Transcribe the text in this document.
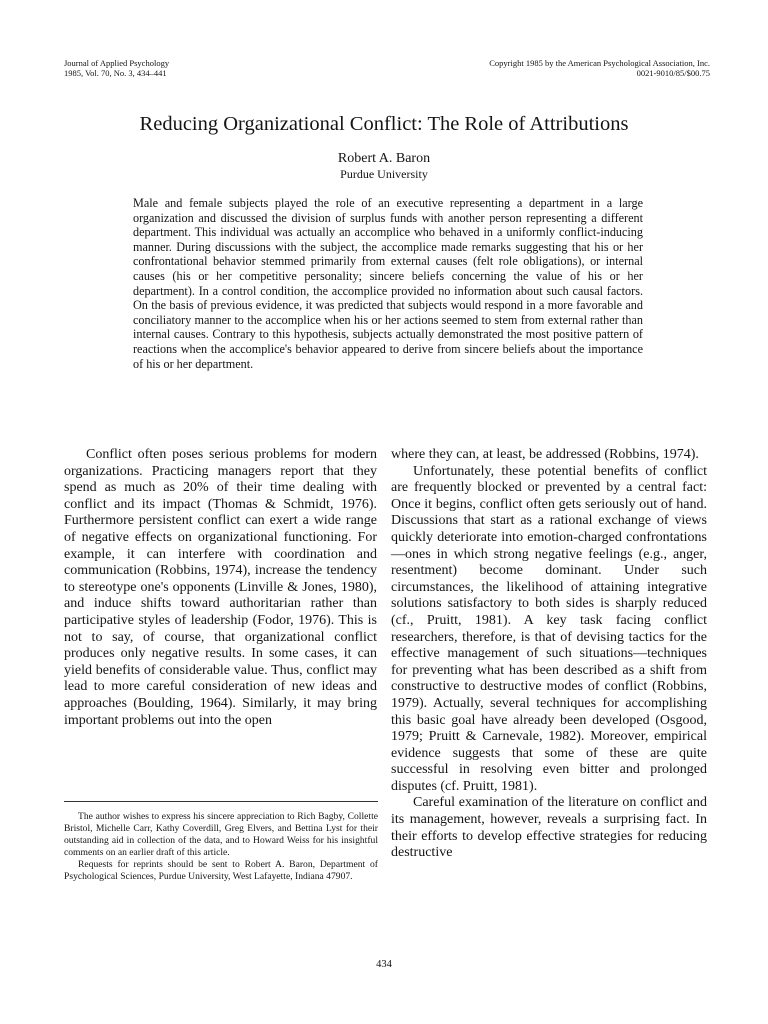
Journal of Applied Psychology
1985, Vol. 70, No. 3, 434–441
Copyright 1985 by the American Psychological Association, Inc.
0021-9010/85/$00.75
Reducing Organizational Conflict: The Role of Attributions
Robert A. Baron
Purdue University

Male and female subjects played the role of an executive representing a department in a large organization and discussed the division of surplus funds with another person representing a different department. This individual was actually an accomplice who behaved in a uniformly conflict-inducing manner. During discussions with the subject, the accomplice made remarks suggesting that his or her confrontational behavior stemmed primarily from external causes (felt role obligations), or internal causes (his or her competitive personality; sincere beliefs concerning the value of his or her department). In a control condition, the accomplice provided no information about such causal factors. On the basis of previous evidence, it was predicted that subjects would respond in a more favorable and conciliatory manner to the accomplice when his or her actions seemed to stem from external rather than internal causes. Contrary to this hypothesis, subjects actually demonstrated the most positive pattern of reactions when the accomplice's behavior appeared to derive from sincere beliefs about the importance of his or her department.

Conflict often poses serious problems for modern organizations. Practicing managers report that they spend as much as 20% of their time dealing with conflict and its impact (Thomas & Schmidt, 1976). Furthermore persistent conflict can exert a wide range of negative effects on organizational functioning. For example, it can interfere with coordination and communication (Robbins, 1974), increase the tendency to stereotype one's opponents (Linville & Jones, 1980), and induce shifts toward authoritarian rather than participative styles of leadership (Fodor, 1976). This is not to say, of course, that organizational conflict produces only negative results. In some cases, it can yield benefits of considerable value. Thus, conflict may lead to more careful consideration of new ideas and approaches (Boulding, 1964). Similarly, it may bring important problems out into the open

where they can, at least, be addressed (Robbins, 1974).

Unfortunately, these potential benefits of conflict are frequently blocked or prevented by a central fact: Once it begins, conflict often gets seriously out of hand. Discussions that start as a rational exchange of views quickly deteriorate into emotion-charged confrontations—ones in which strong negative feelings (e.g., anger, resentment) become dominant. Under such circumstances, the likelihood of attaining integrative solutions satisfactory to both sides is sharply reduced (cf., Pruitt, 1981). A key task facing conflict researchers, therefore, is that of devising tactics for the effective management of such situations—techniques for preventing what has been described as a shift from constructive to destructive modes of conflict (Robbins, 1979). Actually, several techniques for accomplishing this basic goal have already been developed (Osgood, 1979; Pruitt & Carnevale, 1982). Moreover, empirical evidence suggests that some of these are quite successful in resolving even bitter and prolonged disputes (cf. Pruitt, 1981).

Careful examination of the literature on conflict and its management, however, reveals a surprising fact. In their efforts to develop effective strategies for reducing destructive

The author wishes to express his sincere appreciation to Rich Bagby, Collette Bristol, Michelle Carr, Kathy Coverdill, Greg Elvers, and Bettina Lyst for their outstanding aid in collection of the data, and to Howard Weiss for his insightful comments on an earlier draft of this article.

Requests for reprints should be sent to Robert A. Baron, Department of Psychological Sciences, Purdue University, West Lafayette, Indiana 47907.

434
